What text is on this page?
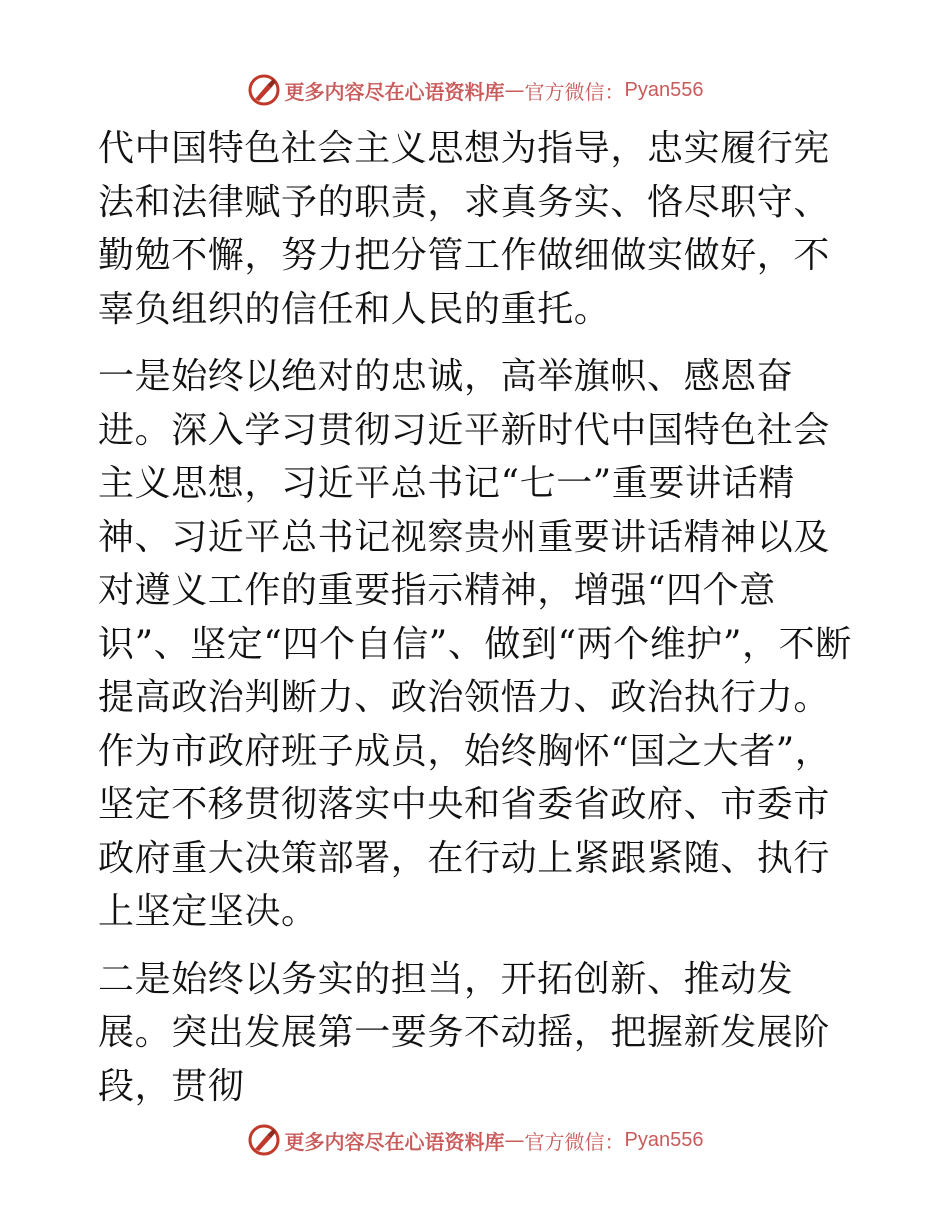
更多内容尽在心语资料库 — 官方微信： Pyan556

代中国特色社会主义思想为指导，忠实履行宪法和法律赋予的职责，求真务实、恪尽职守、勤勉不懈，努力把分管工作做细做实做好，不辜负组织的信任和人民的重托。

一是始终以绝对的忠诚，高举旗帜、感恩奋进。深入学习贯彻习近平新时代中国特色社会主义思想，习近平总书记“七一”重要讲话精神、习近平总书记视察贵州重要讲话精神以及对遵义工作的重要指示精神，增强“四个意识”、坚定“四个自信”、做到“两个维护”，不断提高政治判断力、政治领悟力、政治执行力。作为市政府班子成员，始终胸怀“国之大者”，坚定不移贯彻落实中央和省委省政府、市委市政府重大决策部署，在行动上紧跟紧随、执行上坚定坚决。

二是始终以务实的担当，开拓创新、推动发展。突出发展第一要务不动摇，把握新发展阶段，贯彻

更多内容尽在心语资料库 — 官方微信： Pyan556
